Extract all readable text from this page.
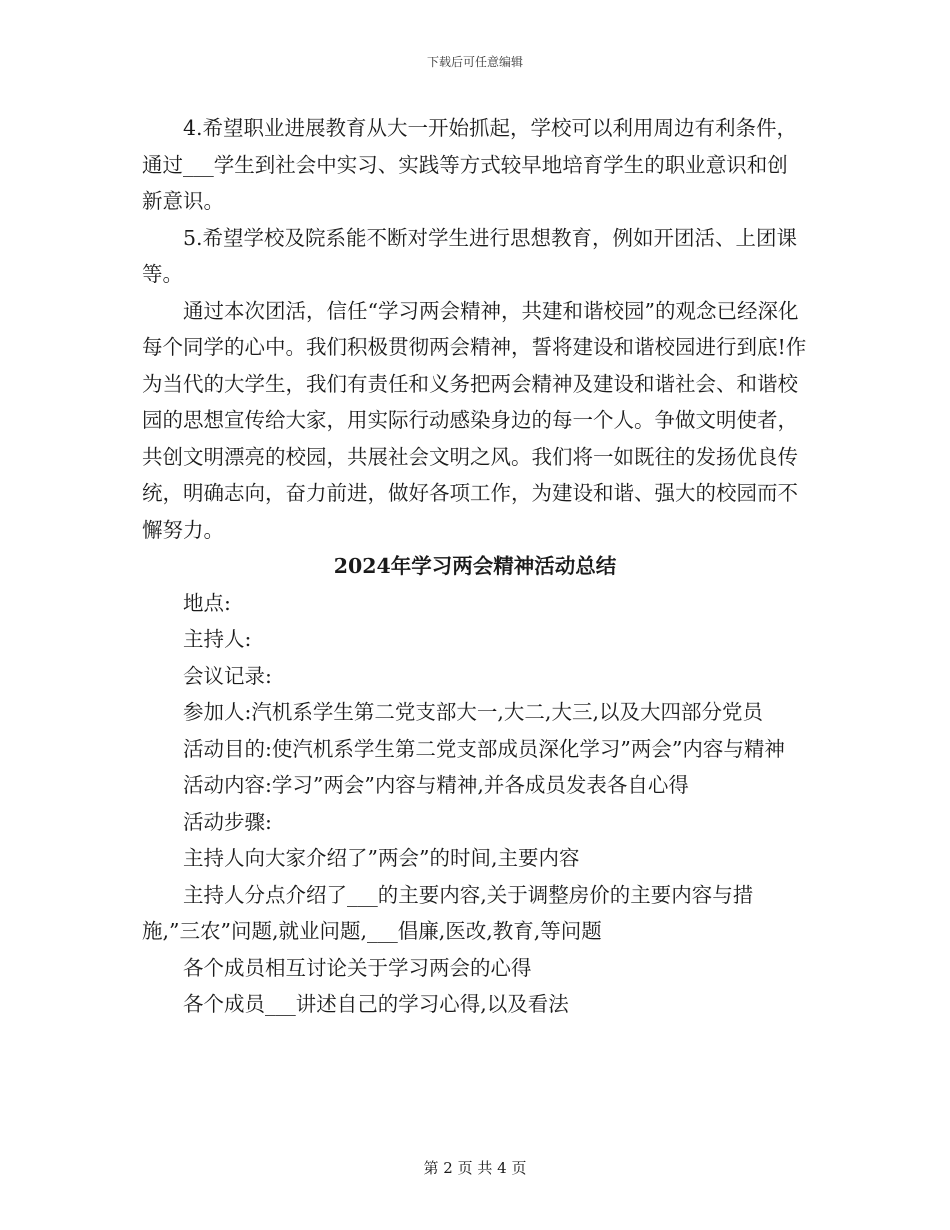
下载后可任意编辑

4.希望职业进展教育从大一开始抓起，学校可以利用周边有利条件，通过___学生到社会中实习、实践等方式较早地培育学生的职业意识和创新意识。

5.希望学校及院系能不断对学生进行思想教育，例如开团活、上团课等。

通过本次团活，信任“学习两会精神，共建和谐校园”的观念已经深化每个同学的心中。我们积极贯彻两会精神，誓将建设和谐校园进行到底!作为当代的大学生，我们有责任和义务把两会精神及建设和谐社会、和谐校园的思想宣传给大家，用实际行动感染身边的每一个人。争做文明使者，共创文明漂亮的校园，共展社会文明之风。我们将一如既往的发扬优良传统，明确志向，奋力前进，做好各项工作，为建设和谐、强大的校园而不懈努力。

2024年学习两会精神活动总结

地点:

主持人:

会议记录:

参加人:汽机系学生第二党支部大一,大二,大三,以及大四部分党员

活动目的:使汽机系学生第二党支部成员深化学习”两会”内容与精神

活动内容:学习”两会”内容与精神,并各成员发表各自心得

活动步骤:

主持人向大家介绍了”两会”的时间,主要内容

主持人分点介绍了___的主要内容,关于调整房价的主要内容与措施,”三农”问题,就业问题,___倡廉,医改,教育,等问题

各个成员相互讨论关于学习两会的心得

各个成员___讲述自己的学习心得,以及看法

第 2 页 共 4 页
